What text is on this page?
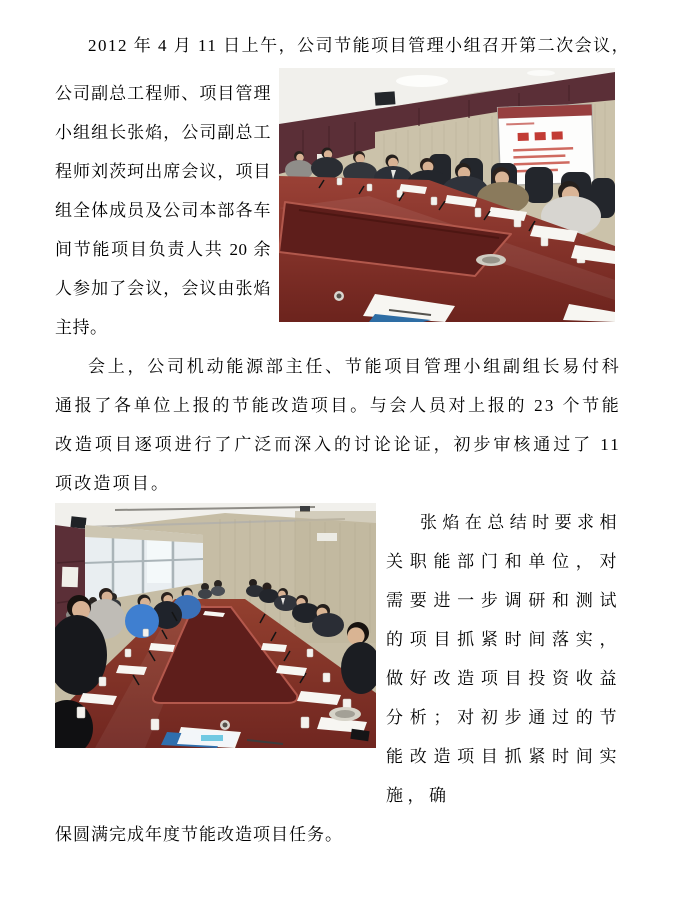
2012 年 4 月 11 日上午，公司节能项目管理小组召开第二次会议，

公司副总工程师、项目管理小组组长张焰，公司副总工程师刘茨珂出席会议，项目组全体成员及公司本部各车间节能项目负责人共 20 余人参加了会议，会议由张焰主持。

会上，公司机动能源部主任、节能项目管理小组副组长易付科通报了各单位上报的节能改造项目。与会人员对上报的 23 个节能改造项目逐项进行了广泛而深入的讨论论证，初步审核通过了 11 项改造项目。

张焰在总结时要求相关职能部门和单位，对需要进一步调研和测试的项目抓紧时间落实，做好改造项目投资收益分析；对初步通过的节能改造项目抓紧时间实施，确

保圆满完成年度节能改造项目任务。
